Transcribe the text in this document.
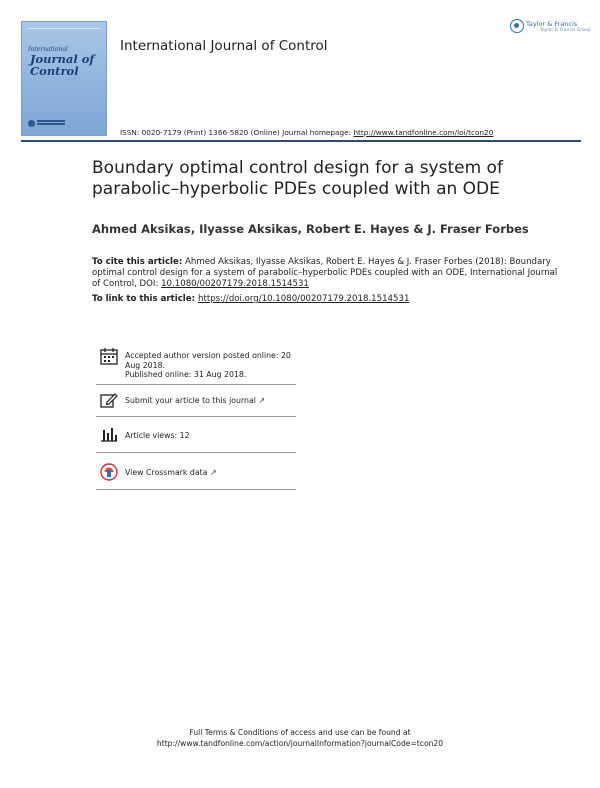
International
Journal of
Control
International Journal of Control
Taylor & Francis
Taylor & Francis Group
ISSN: 0020-7179 (Print) 1366-5820 (Online) Journal homepage: http://www.tandfonline.com/loi/tcon20
Boundary optimal control design for a system of parabolic–hyperbolic PDEs coupled with an ODE
Ahmed Aksikas, Ilyasse Aksikas, Robert E. Hayes & J. Fraser Forbes
To cite this article: Ahmed Aksikas, Ilyasse Aksikas, Robert E. Hayes & J. Fraser Forbes (2018): Boundary optimal control design for a system of parabolic–hyperbolic PDEs coupled with an ODE, International Journal of Control, DOI: 10.1080/00207179.2018.1514531
To link to this article: https://doi.org/10.1080/00207179.2018.1514531
Accepted author version posted online: 20 Aug 2018.
Published online: 31 Aug 2018.
Submit your article to this journal ↗
Article views: 12
View Crossmark data ↗
Full Terms & Conditions of access and use can be found at
http://www.tandfonline.com/action/journalInformation?journalCode=tcon20
